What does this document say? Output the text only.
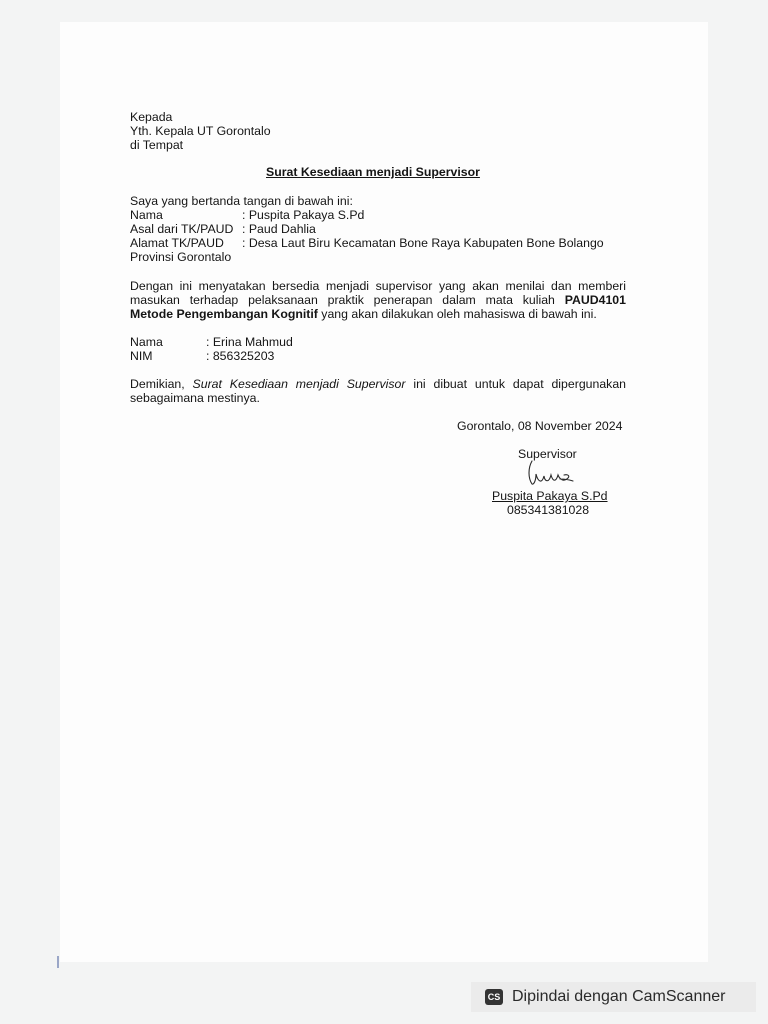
Kepada
Yth. Kepala UT Gorontalo
di Tempat
Surat Kesediaan menjadi Supervisor
Saya yang bertanda tangan di bawah ini:
Nama	: Puspita Pakaya S.Pd
Asal dari TK/PAUD : Paud Dahlia
Alamat TK/PAUD : Desa Laut Biru Kecamatan Bone Raya Kabupaten Bone Bolango
Provinsi Gorontalo
Dengan ini menyatakan bersedia menjadi supervisor yang akan menilai dan memberi
masukan terhadap pelaksanaan praktik penerapan dalam mata kuliah PAUD4101
Metode Pengembangan Kognitif yang akan dilakukan oleh mahasiswa di bawah ini.
Nama	: Erina Mahmud
NIM	: 856325203
Demikian, Surat Kesediaan menjadi Supervisor ini dibuat untuk dapat dipergunakan
sebagaimana mestinya.
Gorontalo, 08 November 2024
Supervisor
Puspita Pakaya S.Pd
085341381028
CS Dipindai dengan CamScanner
